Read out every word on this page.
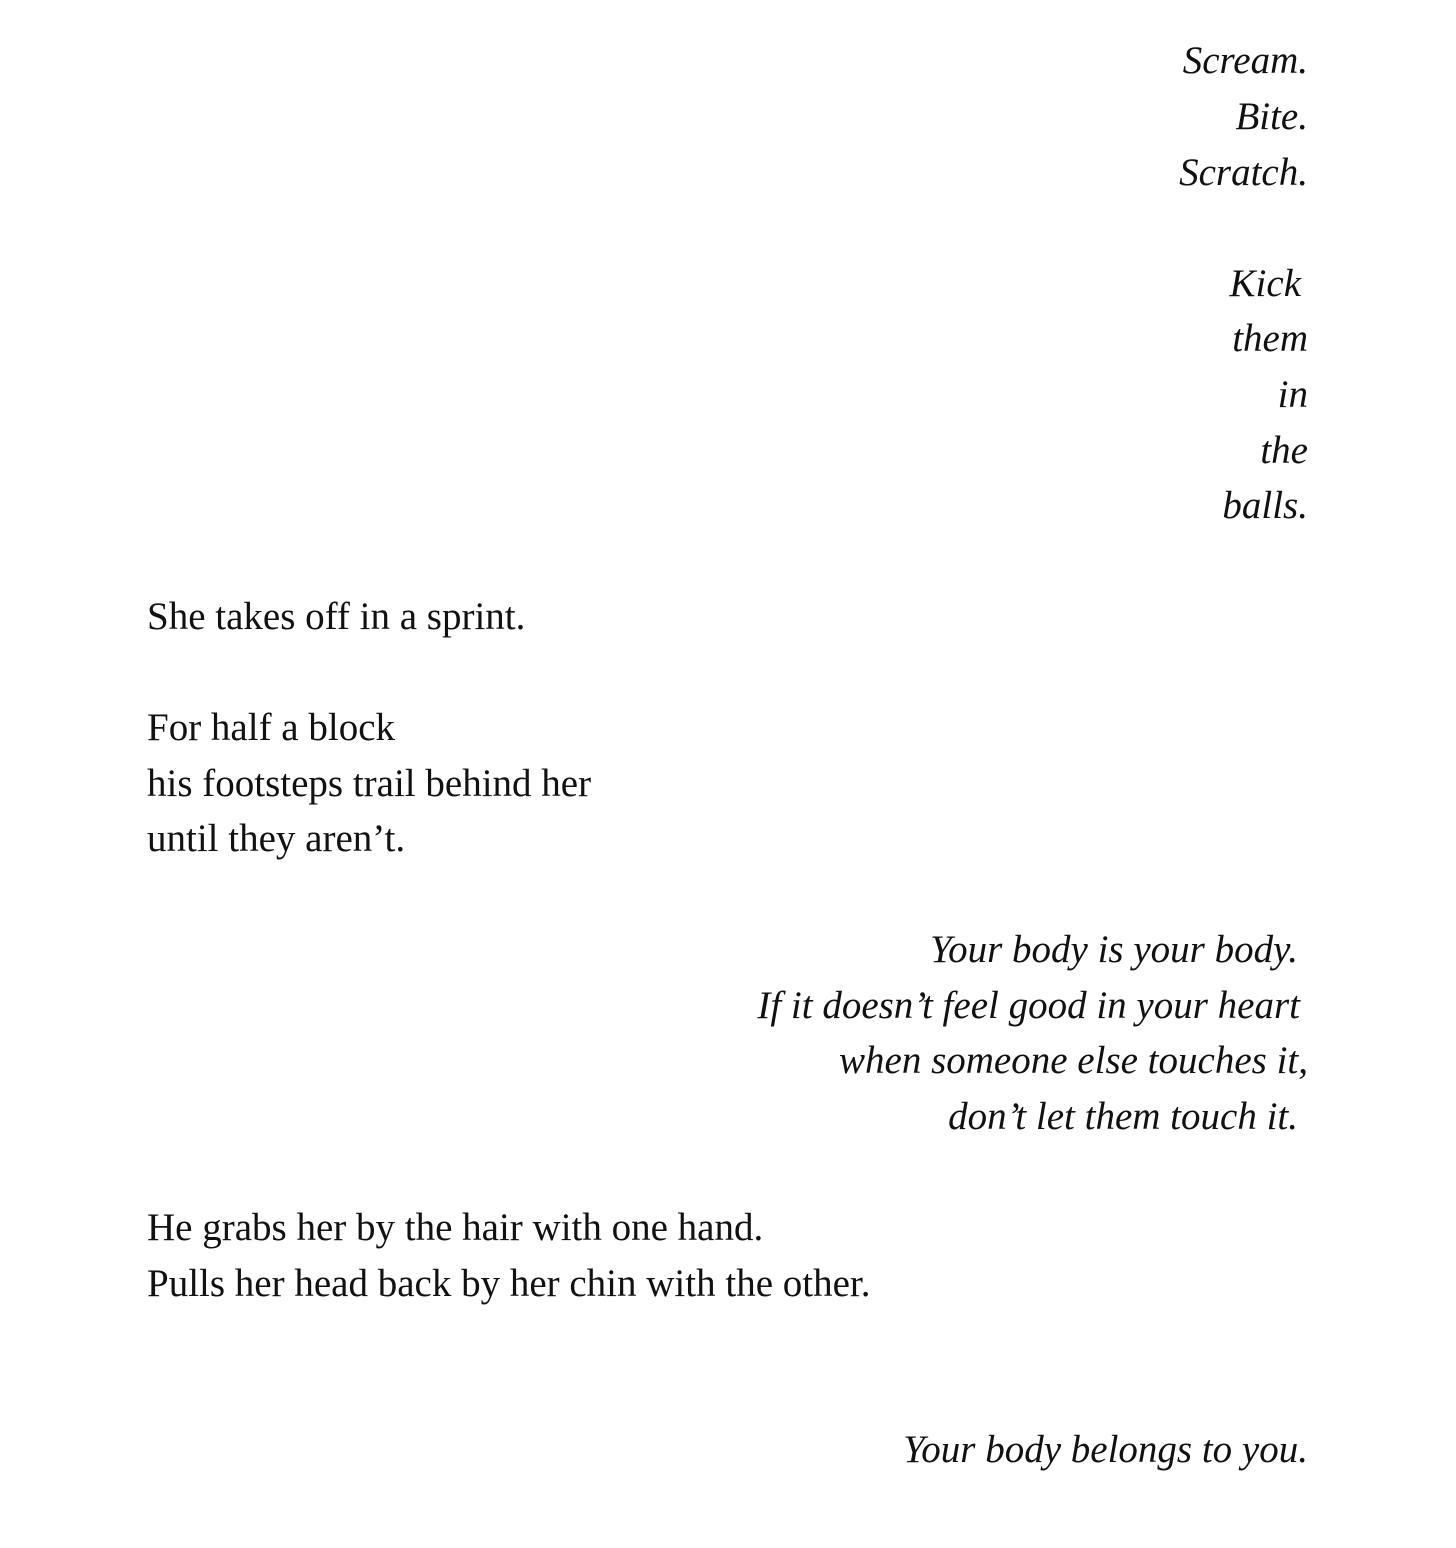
Scream.

Bite.

Scratch.

Kick

them

in

the

balls.

She takes off in a sprint.

For half a block

his footsteps trail behind her

until they aren’t.

Your body is your body.

If it doesn’t feel good in your heart

when someone else touches it,

don’t let them touch it.

He grabs her by the hair with one hand.

Pulls her head back by her chin with the other.

Your body belongs to you.
